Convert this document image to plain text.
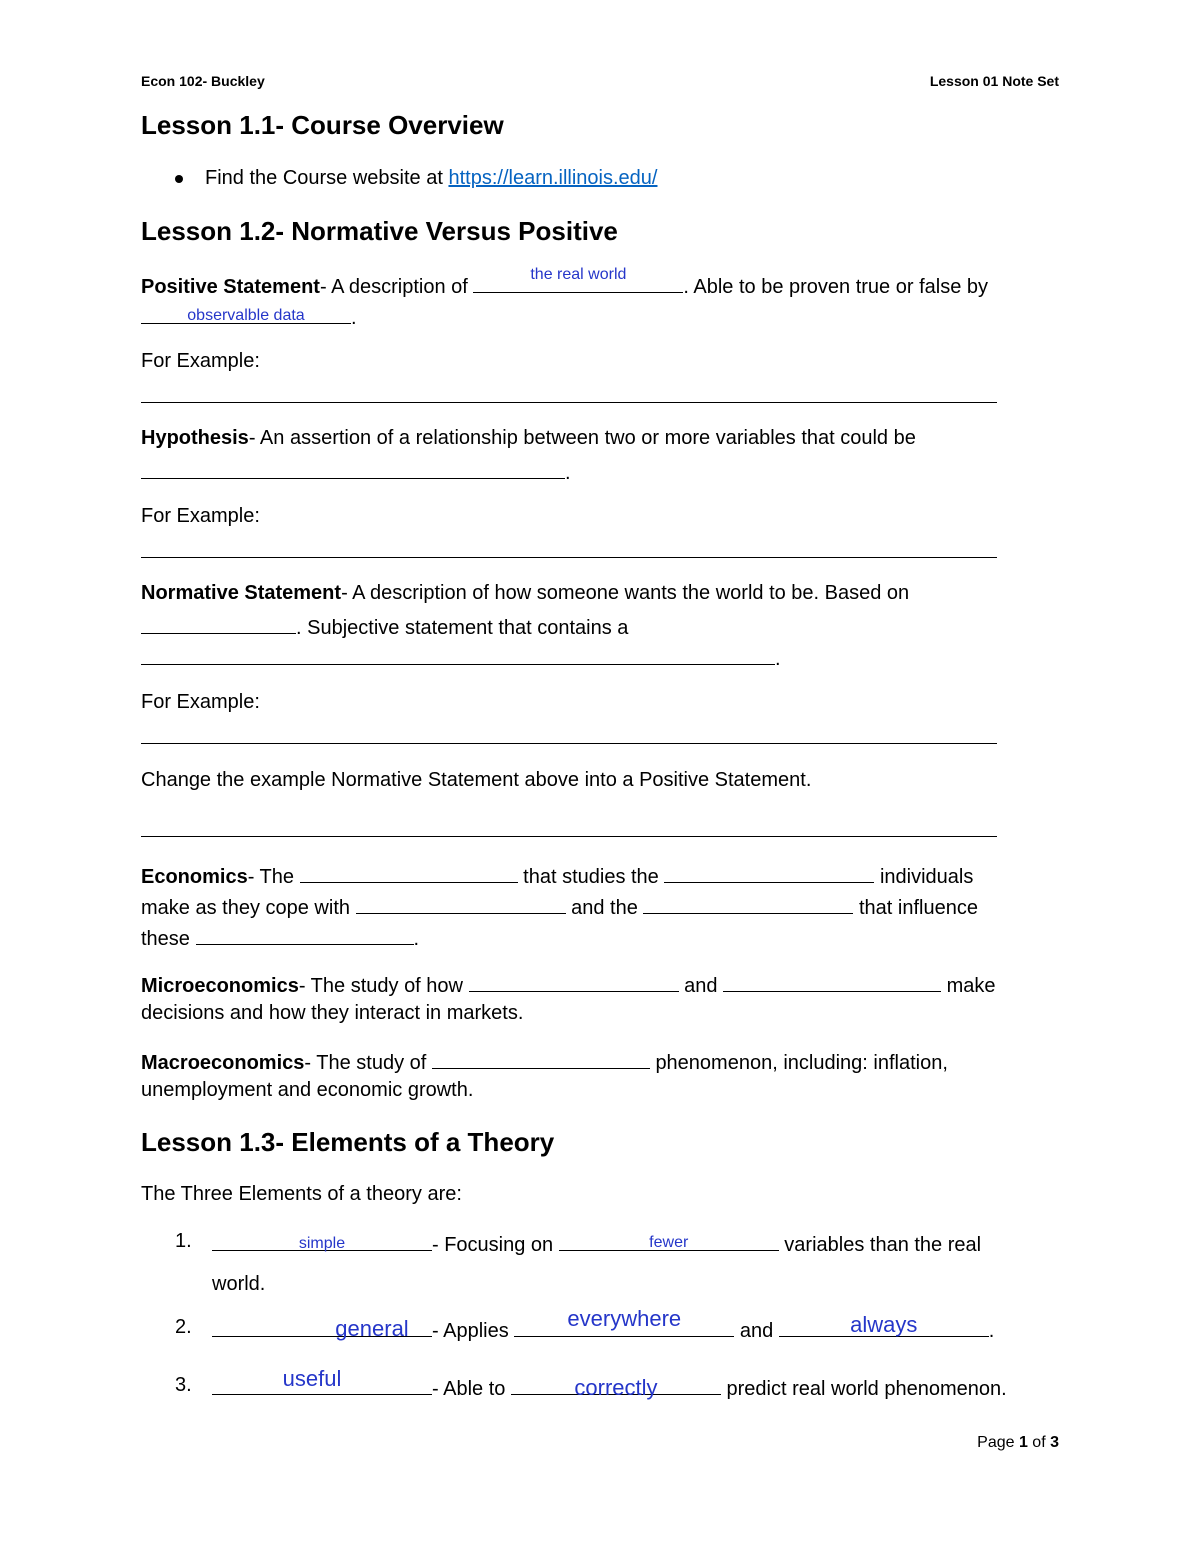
Econ 102- Buckley	Lesson 01 Note Set
Lesson 1.1- Course Overview
Find the Course website at https://learn.illinois.edu/
Lesson 1.2- Normative Versus Positive
Positive Statement- A description of
the real world
. Able to be proven true or false by
observalble data	.
For Example:
Hypothesis- An assertion of a relationship between two or more variables that could be
.
For Example:
Normative Statement- A description of how someone wants the world to be. Based on
. Subjective statement that contains a
.
For Example:
Change the example Normative Statement above into a Positive Statement.
Economics- The	that studies the	individuals
make as they cope with	and the	that influence
these	.
Microeconomics- The study of how	and	make
decisions and how they interact in markets.
Macroeconomics- The study of	phenomenon, including: inflation,
unemployment and economic growth.
Lesson 1.3- Elements of a Theory
The Three Elements of a theory are:
1.	simple	- Focusing on	fewer	variables than the real
world.
2.	general	- Applies	everywhere	and	always	.
3.	useful	- Able to	correctly	predict real world phenomenon.
Page 1 of 3
